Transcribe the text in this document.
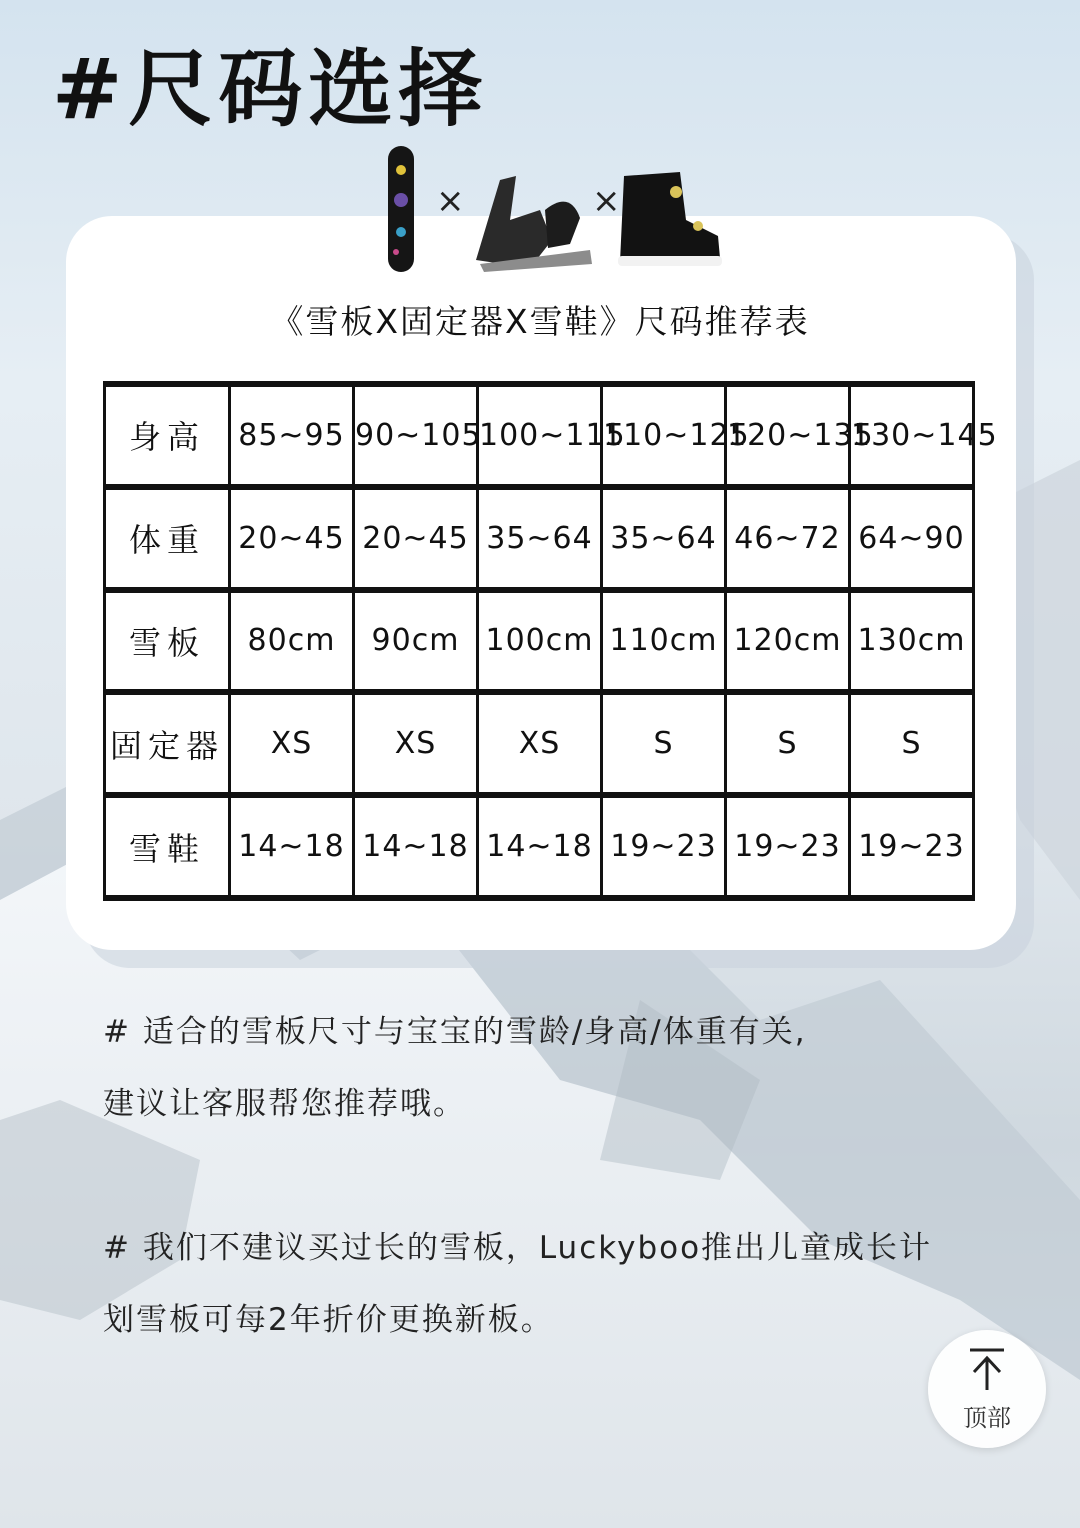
#尺码选择
×	×
《雪板X固定器X雪鞋》尺码推荐表
身高	85~95	90~105	100~115	110~125	120~135	130~145
体重	20~45	20~45	35~64	35~64	46~72	64~90
雪板	80cm	90cm	100cm	110cm	120cm	130cm
固定器	XS	XS	XS	S	S	S
雪鞋	14~18	14~18	14~18	19~23	19~23	19~23
# 适合的雪板尺寸与宝宝的雪龄/身高/体重有关,
建议让客服帮您推荐哦。
# 我们不建议买过长的雪板，Luckyboo推出儿童成长计
划雪板可每2年折价更换新板。
顶部
